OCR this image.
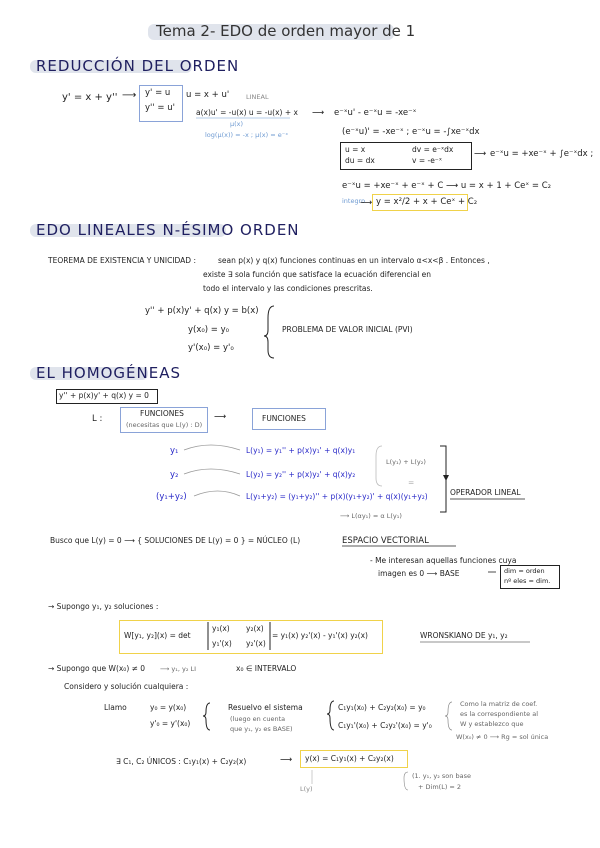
Tema 2- EDO de orden mayor de 1
REDUCCIÓN DEL ORDEN
y' = x + y'' ⟶ y' = u
y'' = u'
u = x + u'	LINEAL
a(x)u' = -u(x) u = -u(x) + x
μ(x)
log(μ(x)) = -x ; μ(x) = e⁻ˣ
⟶ e⁻ˣu' - e⁻ˣu = -xe⁻ˣ
(e⁻ˣu)' = -xe⁻ˣ ; e⁻ˣu = -∫xe⁻ˣdx
u = x	dv = e⁻ˣdx
du = dx	v = -e⁻ˣ
⟶ e⁻ˣu = +xe⁻ˣ + ∫e⁻ˣdx ;
e⁻ˣu = +xe⁻ˣ + e⁻ˣ + C ⟶ u = x + 1 + Ceˣ = C₂
integro
⟶ y = x²/2 + x + Ceˣ + C₂
EDO LINEALES N-ÉSIMO ORDEN
TEOREMA DE EXISTENCIA Y UNICIDAD :	sean p(x) y q(x) funciones continuas en un intervalo α<x<β . Entonces ,
existe ∃ sola función que satisface la ecuación diferencial en
todo el intervalo y las condiciones prescritas.
y'' + p(x)y' + q(x) y = b(x)
y(x₀) = y₀
y'(x₀) = y'₀
PROBLEMA DE VALOR INICIAL (PVI)
EL HOMOGÉNEAS
y'' + p(x)y' + q(x) y = 0
L :
FUNCIONES
(necesitas que L(y) : D)
⟶	FUNCIONES
y₁
y₂
(y₁+y₂)
L(y₁) = y₁'' + p(x)y₁' + q(x)y₁
L(y₂) = y₂'' + p(x)y₂' + q(x)y₂
L(y₁+y₂) = (y₁+y₂)'' + p(x)(y₁+y₂)' + q(x)(y₁+y₂)
L(y₁) + L(y₂)
=
⟶ L(αy₁) = α L(y₁)
OPERADOR LINEAL
Busco que L(y) = 0 ⟶ { SOLUCIONES DE L(y) = 0 } = NÚCLEO (L)	ESPACIO VECTORIAL
- Me interesan aquellas funciones cuya
imagen es 0 ⟶ BASE	dim = orden
nº eles = dim.
→ Supongo y₁, y₂ soluciones :
W[y₁, y₂](x) = det
y₁(x) y₂(x)
y₁'(x) y₂'(x)
= y₁(x) y₂'(x) - y₁'(x) y₂(x)	WRONSKIANO DE y₁, y₂
→ Supongo que W(x₀) ≠ 0 ⟶ y₁, y₂ LI	x₀ ∈ INTERVALO
Considero y solución cualquiera :
Llamo	y₀ = y(x₀)
y'₀ = y'(x₀)
Resuelvo el sistema
(luego en cuenta
que y₁, y₂ es BASE)
C₁y₁(x₀) + C₂y₂(x₀) = y₀
C₁y₁'(x₀) + C₂y₂'(x₀) = y'₀
Como la matriz de coef.
es la correspondiente al
W y establezco que
W(x₀) ≠ 0 ⟶ Rg = sol única
∃ C₁, C₂ ÚNICOS : C₁y₁(x) + C₂y₂(x)	⟶ y(x) = C₁y₁(x) + C₂y₂(x)
L(y)
(1. y₁, y₂ son base
+ Dim(L) = 2
